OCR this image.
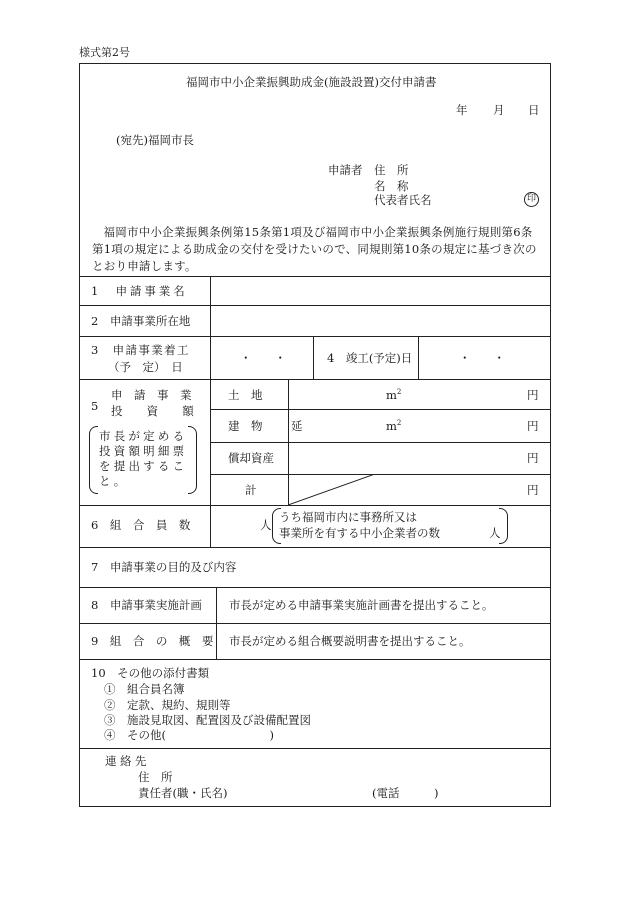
様式第2号
福岡市中小企業振興助成金(施設設置)交付申請書
年 月 日
(宛先)福岡市長
申請者 住　所
名　称
代表者氏名	印
福岡市中小企業振興条例第15条第1項及び福岡市中小企業振興条例施行規則第6条第1項の規定による助成金の交付を受けたいので、同規則第10条の規定に基づき次のとおり申請します。
1　申請事業名
2　申請事業所在地
3　申請事業着工
（予　定）　日
・　　・	4　竣工(予定)日	・　　・
5
申　請　事　業
投　資　額
市長が定める
投資額明細票
を提出するこ
と。
土　地	$m^2$	円
建　物 延	$m^2$	円
償却資産	円
計	円
6　組　合　員　数	人
うち福岡市内に事務所又は
事業所を有する中小企業者の数	人
7　申請事業の目的及び内容
8　申請事業実施計画 市長が定める申請事業実施計画書を提出すること。
9　組　合　の　概　要 市長が定める組合概要説明書を提出すること。
10　その他の添付書類
①　組合員名簿
②　定款、規約、規則等
③　施設見取図、配置図及び設備配置図
④　その他(　　　　　　　　　)
連絡先
住　所
責任者(職・氏名)	(電話　　　)
